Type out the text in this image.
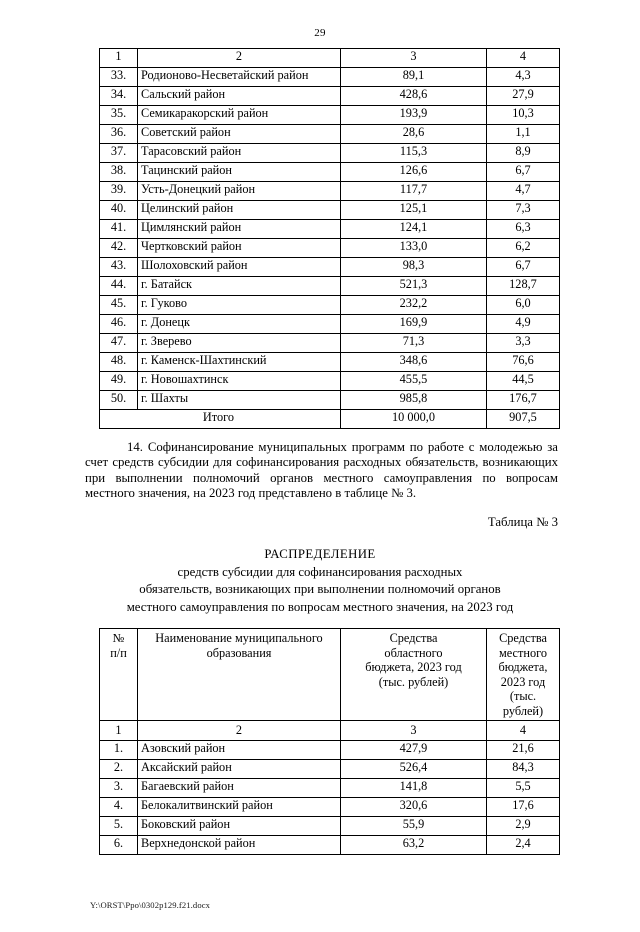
29
1	2	3	4
33.	Родионово-Несветайский район	89,1	4,3
34.	Сальский район	428,6	27,9
35.	Семикаракорский район	193,9	10,3
36.	Советский район	28,6	1,1
37.	Тарасовский район	115,3	8,9
38.	Тацинский район	126,6	6,7
39.	Усть-Донецкий район	117,7	4,7
40.	Целинский район	125,1	7,3
41.	Цимлянский район	124,1	6,3
42.	Чертковский район	133,0	6,2
43.	Шолоховский район	98,3	6,7
44.	г. Батайск	521,3	128,7
45.	г. Гуково	232,2	6,0
46.	г. Донецк	169,9	4,9
47.	г. Зверево	71,3	3,3
48.	г. Каменск-Шахтинский	348,6	76,6
49.	г. Новошахтинск	455,5	44,5
50.	г. Шахты	985,8	176,7
Итого		10 000,0	907,5

14. Софинансирование муниципальных программ по работе с молодежью за счет средств субсидии для софинансирования расходных обязательств, возникающих при выполнении полномочий органов местного самоуправления по вопросам местного значения, на 2023 год представлено в таблице № 3.

Таблица № 3

РАСПРЕДЕЛЕНИЕ
средств субсидии для софинансирования расходных
обязательств, возникающих при выполнении полномочий органов
местного самоуправления по вопросам местного значения, на 2023 год
№
п/п	Наименование муниципального образования	Средства
областного
бюджета, 2023 год
(тыс. рублей)	Средства
местного
бюджета, 2023 год
(тыс. рублей)
1	2	3	4
1.	Азовский район	427,9	21,6
2.	Аксайский район	526,4	84,3
3.	Багаевский район	141,8	5,5
4.	Белокалитвинский район	320,6	17,6
5.	Боковский район	55,9	2,9
6.	Верхнедонской район	63,2	2,4
Y:\ORST\Ppo\0302p129.f21.docx
